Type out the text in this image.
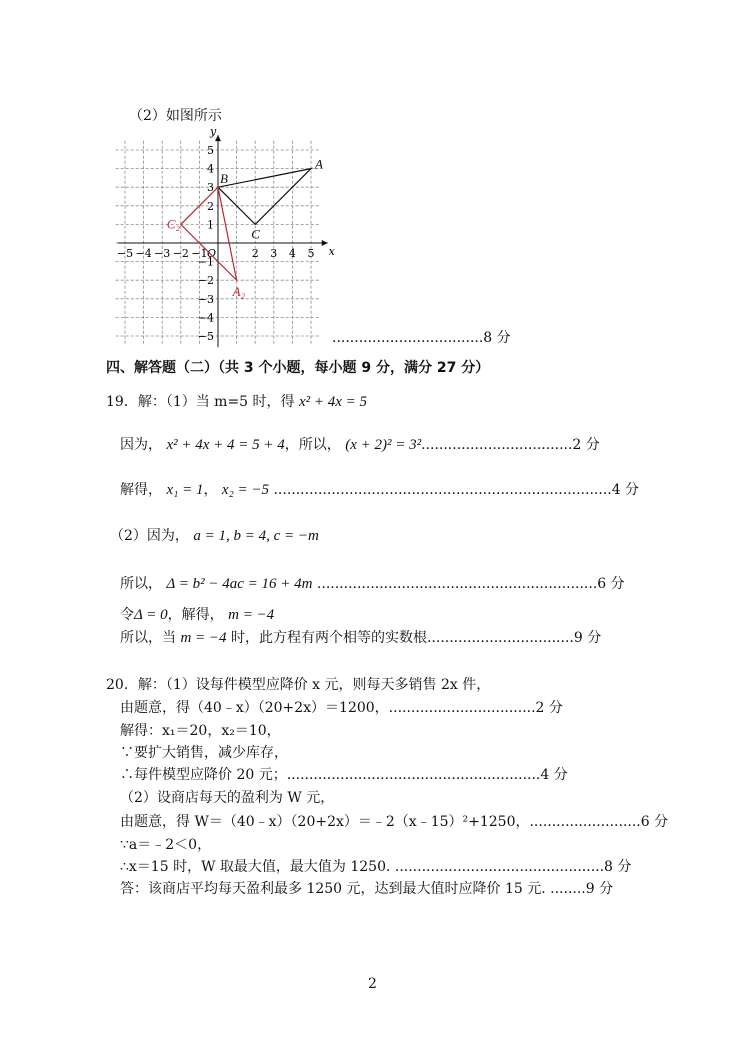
（2）如图所示
−5 −4 −3 −2 −1	2 3 4 5
5
4
3
2
1
−1
−2
−3
−4
−5
O	x
y
A
B
C
A₂
C₂
..................................8 分
四、解答题（二）（共 3 个小题，每小题 9 分，满分 27 分）
19．解：（1）当 m=5 时，得 x² + 4x = 5
因为， x² + 4x + 4 = 5 + 4，所以， (x + 2)² = 3²..................................2 分
解得， x₁ = 1， x₂ = −5 ............................................................................4 分
（2）因为， a = 1, b = 4, c = −m
所以， Δ = b² − 4ac = 16 + 4m ...............................................................6 分
令Δ = 0，解得， m = −4
所以，当 m = −4 时，此方程有两个相等的实数根.................................9 分
20．解：（1）设每件模型应降价 x 元，则每天多销售 2x 件，
由题意，得（40﹣x）（20+2x）＝1200，.................................2 分
解得：x₁＝20，x₂＝10，
∵要扩大销售，减少库存，
∴每件模型应降价 20 元；.........................................................4 分
（2）设商店每天的盈利为 W 元，
由题意，得 W＝（40﹣x）（20+2x）＝﹣2（x﹣15）²+1250，.........................6 分
∵a＝﹣2＜0，
∴x＝15 时，W 取最大值，最大值为 1250. ...............................................8 分
答：该商店平均每天盈利最多 1250 元，达到最大值时应降价 15 元. ........9 分
2
